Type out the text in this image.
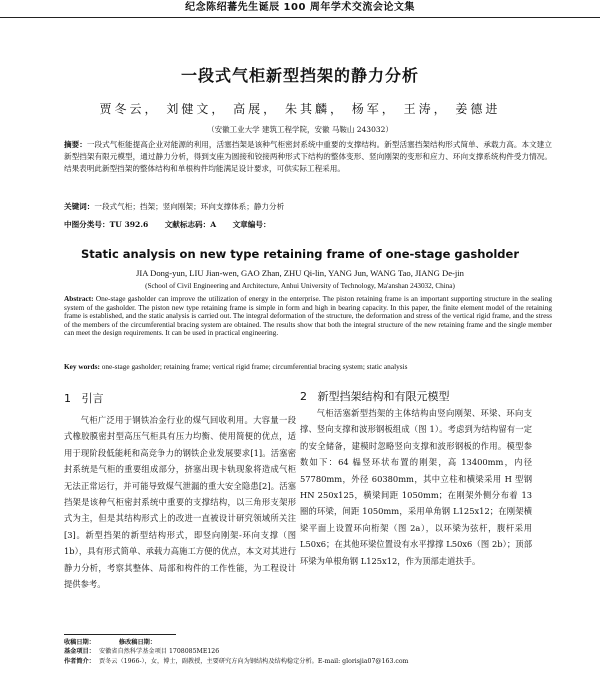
纪念陈绍蕃先生诞辰 100 周年学术交流会论文集
一段式气柜新型挡架的静力分析
贾冬云， 刘健文， 高展， 朱其麟， 杨军， 王涛， 姜德进
（安徽工业大学 建筑工程学院，安徽 马鞍山 243032）
摘要：一段式气柜能提高企业对能源的利用，活塞挡架是该种气柜密封系统中重要的支撑结构。新型活塞挡架结构形式简单、承载力高。本文建立新型挡架有限元模型，通过静力分析，得到支座为圆接和铰接两种形式下结构的整体变形、竖向刚架的变形和应力、环向支撑系统构件受力情况。结果表明此新型挡架的整体结构和单根构件均能满足设计要求，可供实际工程采用。
关键词：一段式气柜；挡架；竖向刚架；环向支撑体系；静力分析
中图分类号：TU 392.6 文献标志码：A 文章编号：
Static analysis on new type retaining frame of one-stage gasholder
JIA Dong-yun, LIU Jian-wen, GAO Zhan, ZHU Qi-lin, YANG Jun, WANG Tao, JIANG De-jin
(School of Civil Engineering and Architecture, Anhui University of Technology, Ma'anshan 243032, China)
Abstract: One-stage gasholder can improve the utilization of energy in the enterprise. The piston retaining frame is an important supporting structure in the sealing system of the gasholder. The piston new type retaining frame is simple in form and high in bearing capacity. In this paper, the finite element model of the retaining frame is established, and the static analysis is carried out. The integral deformation of the structure, the deformation and stress of the vertical rigid frame, and the stress of the members of the circumferential bracing system are obtained. The results show that both the integral structure of the new retaining frame and the single member can meet the design requirements. It can be used in practical engineering.
Key words: one-stage gasholder; retaining frame; vertical rigid frame; circumferential bracing system; static analysis
1 引言

气柜广泛用于钢铁冶金行业的煤气回收利用。大容量一段式橡胶膜密封型高压气柜具有压力均衡、使用简便的优点，适用于现阶段低能耗和高竞争力的钢铁企业发展要求[1]。活塞密封系统是气柜的重要组成部分，挤塞出现卡轨现象将造成气柜无法正常运行，并可能导致煤气泄漏的重大安全隐患[2]。活塞挡架是该种气柜密封系统中重要的支撑结构，以三角形支架形式为主，但是其结构形式上的改进一直被设计研究领域所关注[3]。新型挡架的新型结构形式，即竖向刚架-环向支撑（图 1b），具有形式简单、承载力高施工方便的优点，本文对其进行静力分析，考察其整体、局部和构件的工作性能，为工程设计提供参考。

2 新型挡架结构和有限元模型

气柜活塞新型挡架的主体结构由竖向刚架、环梁、环向支撑、竖向支撑和波形钢板组成（图 1）。考虑到为结构留有一定的安全储备，建模时忽略竖向支撑和波形钢板的作用。模型参数如下：64 榀竖环状布置的刚架，高 13400mm，内径 57780mm，外径 60380mm，其中立柱和横梁采用 H 型钢 HN 250x125，横梁间距 1050mm；在刚架外侧分布着 13 圈的环梁，间距 1050mm，采用单角钢 L125x12；在刚架横梁平面上设置环向桁架（图 2a），以环梁为弦杆，腹杆采用 L50x6；在其他环梁位置设有水平撑撑 L50x6（图 2b）；顶部环梁为单根角钢 L125x12，作为顶部走道扶手。

收稿日期：	修改稿日期：
基金项目： 安徽省自然科学基金项目 1708085ME126
作者简介： 贾冬云（1966-），女，博士，副教授，主要研究方向为钢结构及结构稳定分析。E-mail: glorisjia07@163.com
